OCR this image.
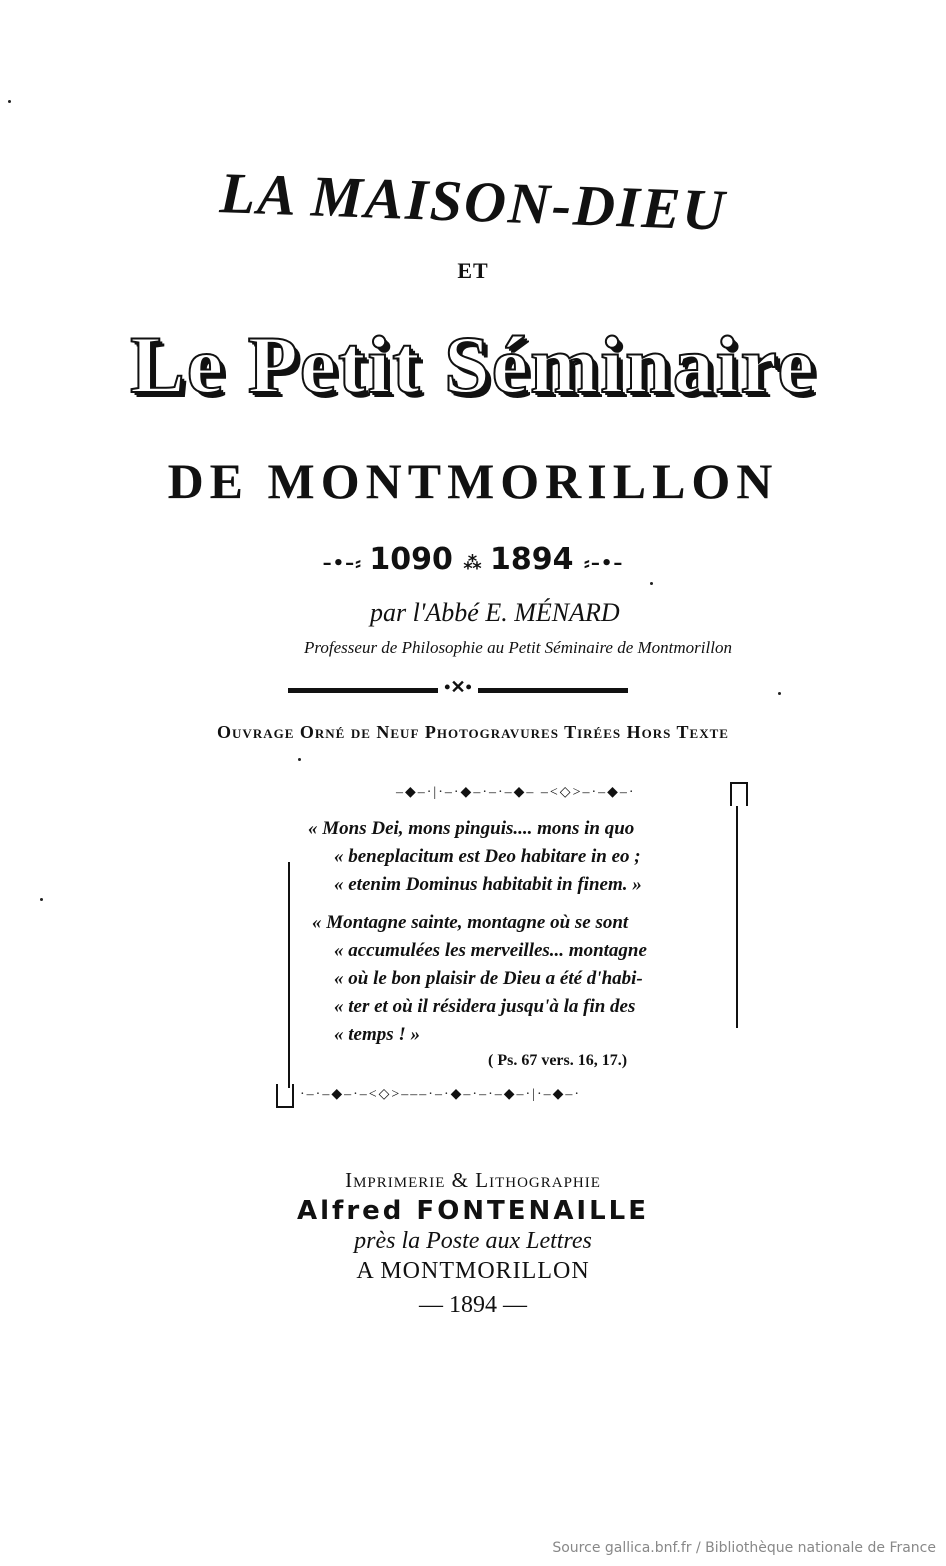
LA MAISON-DIEU
ET
Le Petit Séminaire
DE MONTMORILLON
–•–⸗ 1090 ⁂ 1894 ⸗–•–
par l'Abbé E. MÉNARD
Professeur de Philosophie au Petit Séminaire de Montmorillon
•✕•
Ouvrage Orné de Neuf Photogravures Tirées Hors Texte
–◆–·|·–·◆–·–·–◆– –<◇>–·–◆–·
·–·–◆–·–<◇>–––·–·◆–·–·–◆–·|·–◆–·
« Mons Dei, mons pinguis.... mons in quo
« beneplacitum est Deo habitare in eo ;
« etenim Dominus habitabit in finem. »
« Montagne sainte, montagne où se sont
« accumulées les merveilles... montagne
« où le bon plaisir de Dieu a été d'habi-
« ter et où il résidera jusqu'à la fin des
« temps ! »
( Ps. 67 vers. 16, 17.)
Imprimerie & Lithographie
Alfred FONTENAILLE
près la Poste aux Lettres
A MONTMORILLON
— 1894 —
Source gallica.bnf.fr / Bibliothèque nationale de France
